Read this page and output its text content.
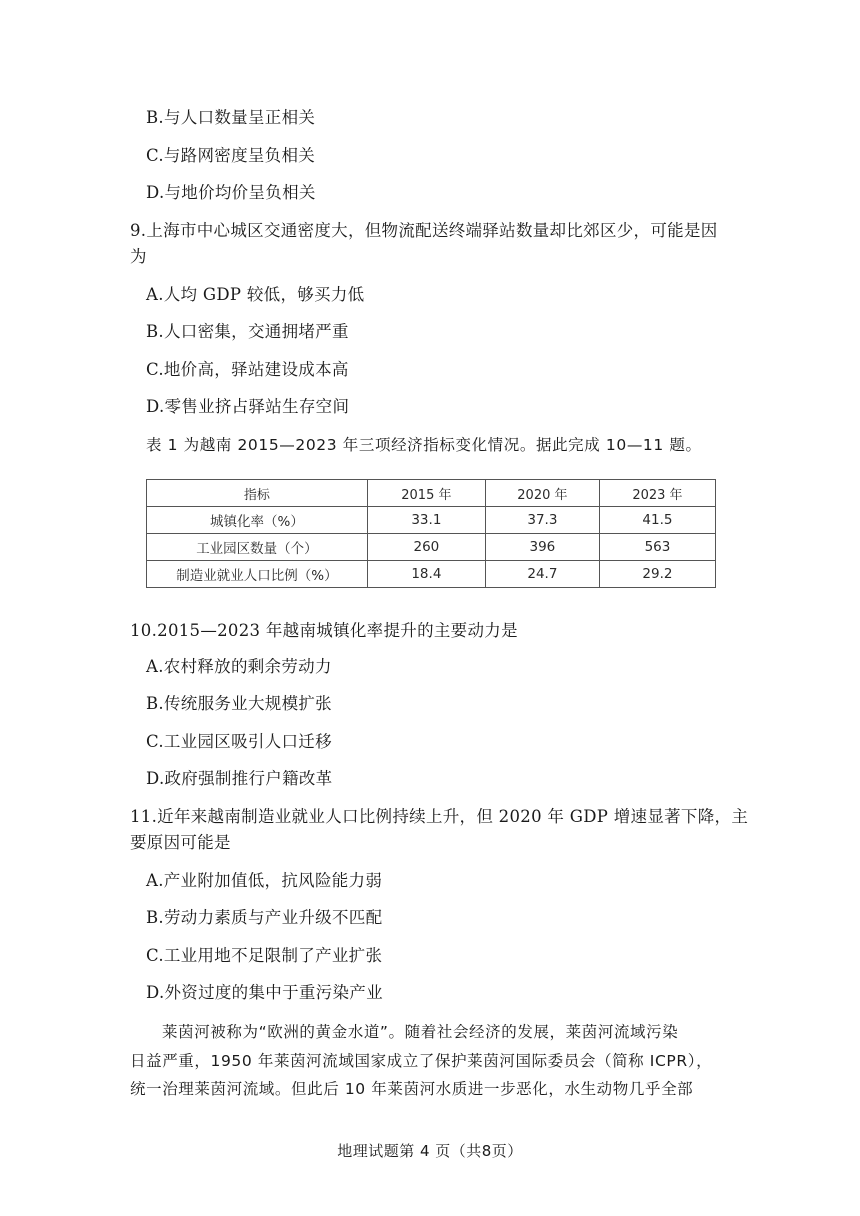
B.与人口数量呈正相关
C.与路网密度呈负相关
D.与地价均价呈负相关
9.上海市中心城区交通密度大，但物流配送终端驿站数量却比郊区少，可能是因
为
A.人均 GDP 较低，够买力低
B.人口密集，交通拥堵严重
C.地价高，驿站建设成本高
D.零售业挤占驿站生存空间
表 1 为越南 2015—2023 年三项经济指标变化情况。据此完成 10—11 题。
指标	2015 年	2020 年	2023 年
城镇化率（%）	33.1	37.3	41.5
工业园区数量（个）	260	396	563
制造业就业人口比例（%）	18.4	24.7	29.2
10.2015—2023 年越南城镇化率提升的主要动力是
A.农村释放的剩余劳动力
B.传统服务业大规模扩张
C.工业园区吸引人口迁移
D.政府强制推行户籍改革
11.近年来越南制造业就业人口比例持续上升，但 2020 年 GDP 增速显著下降，主
要原因可能是
A.产业附加值低，抗风险能力弱
B.劳动力素质与产业升级不匹配
C.工业用地不足限制了产业扩张
D.外资过度的集中于重污染产业
莱茵河被称为“欧洲的黄金水道”。随着社会经济的发展，莱茵河流域污染
日益严重，1950 年莱茵河流域国家成立了保护莱茵河国际委员会（简称 ICPR），
统一治理莱茵河流域。但此后 10 年莱茵河水质进一步恶化，水生动物几乎全部
地理试题第 4 页（共8页）
